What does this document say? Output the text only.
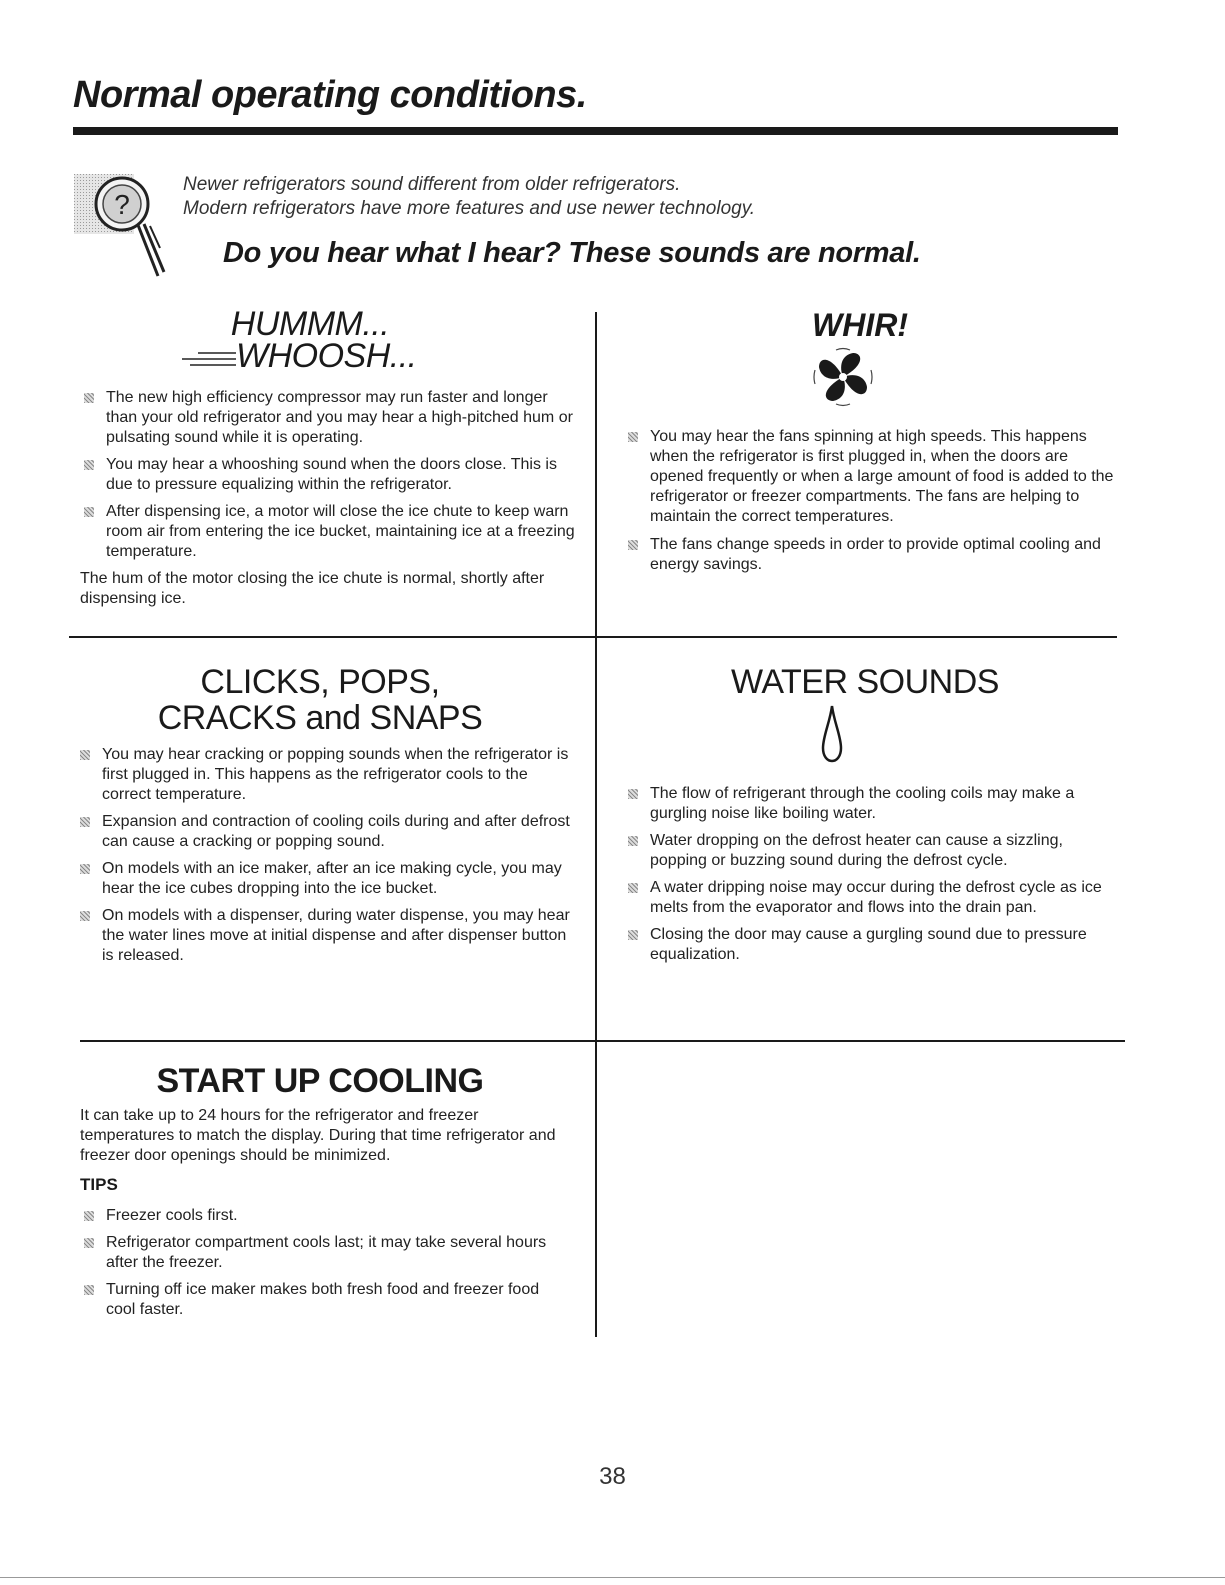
Normal operating conditions.
?
Newer refrigerators sound different from older refrigerators.
Modern refrigerators have more features and use newer technology.
Do you hear what I hear? These sounds are normal.
HUMMM...
WHOOSH...
The new high efficiency compressor may run faster and longer than your old refrigerator and you may hear a high-pitched hum or pulsating sound while it is operating.
You may hear a whooshing sound when the doors close. This is due to pressure equalizing within the refrigerator.
After dispensing ice, a motor will close the ice chute to keep warn room air from entering the ice bucket, maintaining ice at a freezing temperature.
The hum of the motor closing the ice chute is normal, shortly after dispensing ice.
WHIR!
You may hear the fans spinning at high speeds. This happens when the refrigerator is first plugged in, when the doors are opened frequently or when a large amount of food is added to the refrigerator or freezer compartments. The fans are helping to maintain the correct temperatures.
The fans change speeds in order to provide optimal cooling and energy savings.
CLICKS, POPS,
CRACKS and SNAPS
You may hear cracking or popping sounds when the refrigerator is first plugged in. This happens as the refrigerator cools to the correct temperature.
Expansion and contraction of cooling coils during and after defrost can cause a cracking or popping sound.
On models with an ice maker, after an ice making cycle, you may hear the ice cubes dropping into the ice bucket.
On models with a dispenser, during water dispense, you may hear the water lines move at initial dispense and after dispenser button is released.
WATER SOUNDS
The flow of refrigerant through the cooling coils may make a gurgling noise like boiling water.
Water dropping on the defrost heater can cause a sizzling, popping or buzzing sound during the defrost cycle.
A water dripping noise may occur during the defrost cycle as ice melts from the evaporator and flows into the drain pan.
Closing the door may cause a gurgling sound due to pressure equalization.
START UP COOLING
It can take up to 24 hours for the refrigerator and freezer temperatures to match the display. During that time refrigerator and freezer door openings should be minimized.
TIPS
Freezer cools first.
Refrigerator compartment cools last; it may take several hours after the freezer.
Turning off ice maker makes both fresh food and freezer food cool faster.
38
